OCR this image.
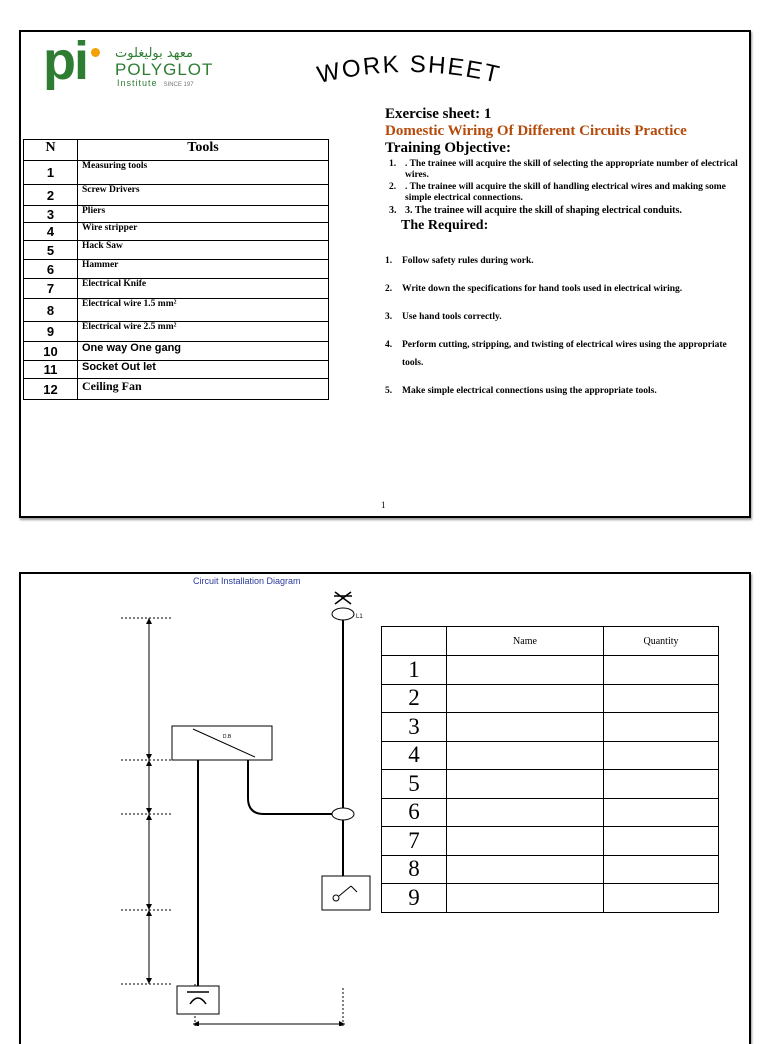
pi معهد بوليغلوت
POLYGLOT
Institute SINCE 197	WORK SHEET
N	Tools
1	Measuring tools
2	Screw Drivers
3	Pliers
4	Wire stripper
5	Hack Saw
6	Hammer
7	Electrical Knife
8	Electrical wire 1.5 mm²
9	Electrical wire 2.5 mm²
10	One way One gang
11	Socket Out let
12	Ceiling Fan
Exercise sheet: 1
Domestic Wiring Of Different Circuits Practice
Training Objective:
1. . The trainee will acquire the skill of selecting the appropriate number of electrical wires.
2. . The trainee will acquire the skill of handling electrical wires and making some simple electrical connections.
3. 3. The trainee will acquire the skill of shaping electrical conduits.
The Required:
1. Follow safety rules during work.
2. Write down the specifications for hand tools used in electrical wiring.
3. Use hand tools correctly.
4. Perform cutting, stripping, and twisting of electrical wires using the appropriate tools.
5. Make simple electrical connections using the appropriate tools.
1
Circuit Installation Diagram
D.B
L1
	Name	Quantity
1		
2		
3		
4		
5		
6		
7		
8		
9		
